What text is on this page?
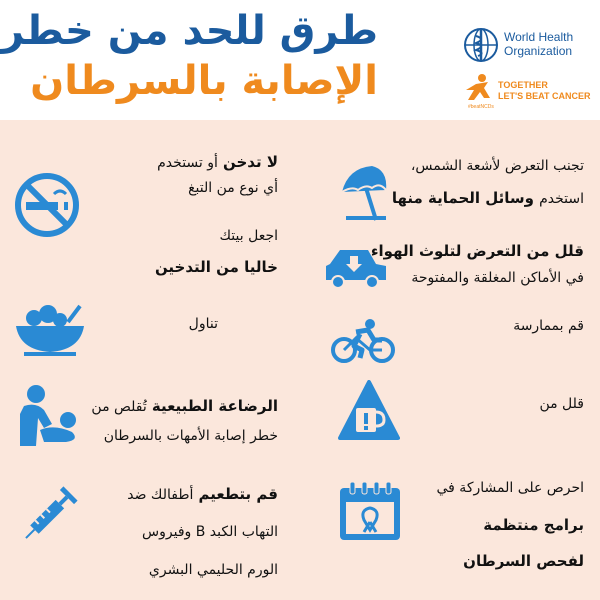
طرق للحد من خطر
الإصابة بالسرطان
World Health
Organization
TOGETHER
LET'S BEAT CANCER
#beatNCDs
تجنب التعرض لأشعة الشمس،
استخدم وسائل الحماية منها
قلل من التعرض لتلوث الهواء
في الأماكن المغلقة والمفتوحة
قم بممارسة
قلل من
احرص على المشاركة في
برامج منتظمة
لفحص السرطان
لا تدخن أو تستخدم
أي نوع من التبغ
اجعل بيتك
خاليا من التدخين
تناول
الرضاعة الطبيعية تُقلص من
خطر إصابة الأمهات بالسرطان
قم بتطعيم أطفالك ضد
التهاب الكبد B وفيروس
الورم الحليمي البشري
